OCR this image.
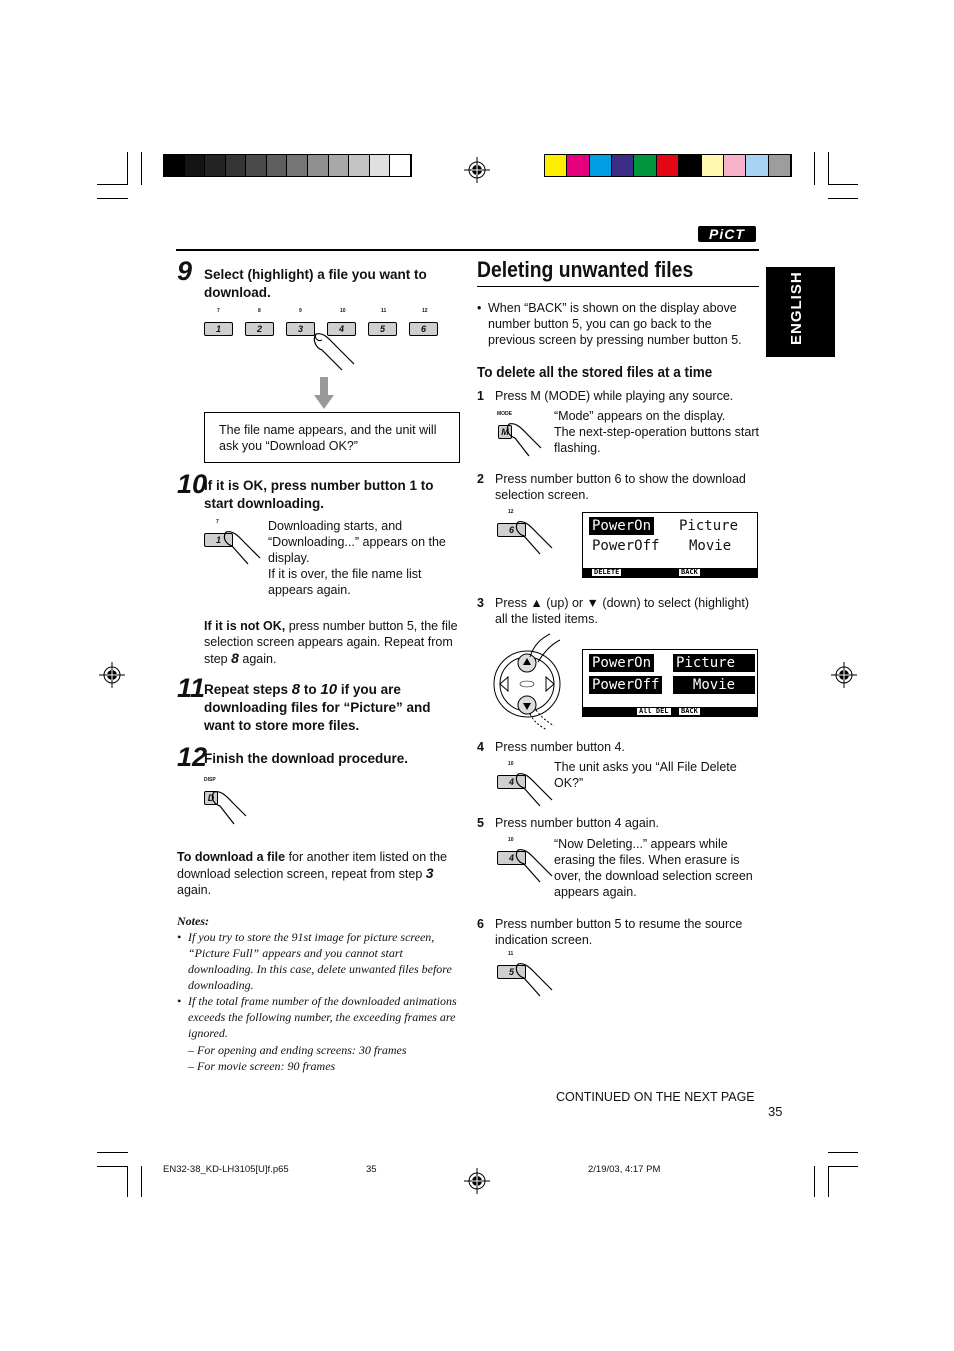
PiCT
ENGLISH
9 Select (highlight) a file you want to download.
7
1
8
2
9
3
10
4
11
5
12
6
The file name appears, and the unit will ask you “Download OK?”
10
If it is OK, press number button 1 to start downloading.
7
1
Downloading starts, and “Downloading...” appears on the display.
If it is over, the file name list appears again.
If it is not OK, press number button 5, the file selection screen appears again. Repeat from step 8 again.
11
Repeat steps 8 to 10 if you are downloading files for “Picture” and want to store more files.
12
Finish the download procedure.
DISP
D
To download a file for another item listed on the download selection screen, repeat from step 3 again.
Notes:
• If you try to store the 91st image for picture screen, “Picture Full” appears and you cannot start downloading. In this case, delete unwanted files before downloading.
• If the total frame number of the downloaded animations exceeds the following number, the exceeding frames are ignored.
– For opening and ending screens: 30 frames
– For movie screen: 90 frames
Deleting unwanted files
• When “BACK” is shown on the display above number button 5, you can go back to the previous screen by pressing number button 5.
To delete all the stored files at a time
1 Press M (MODE) while playing any source.
MODE
M
“Mode” appears on the display.
The next-step-operation buttons start flashing.
2 Press number button 6 to show the download selection screen.
12
6	PowerOn Picture
PowerOff Movie
DELETE	BACK
3 Press ▲ (up) or ▼ (down) to select (highlight) all the listed items.
PowerOn Picture
PowerOff	Movie
All DEL BACK
4 Press number button 4.
10
4
The unit asks you “All File Delete OK?”
5 Press number button 4 again.
10
4
“Now Deleting...” appears while erasing the files. When erasure is over, the download selection screen appears again.
6 Press number button 5 to resume the source indication screen.
11
5
CONTINUED ON THE NEXT PAGE
35
EN32-38_KD-LH3105[U]f.p65	35	2/19/03, 4:17 PM
